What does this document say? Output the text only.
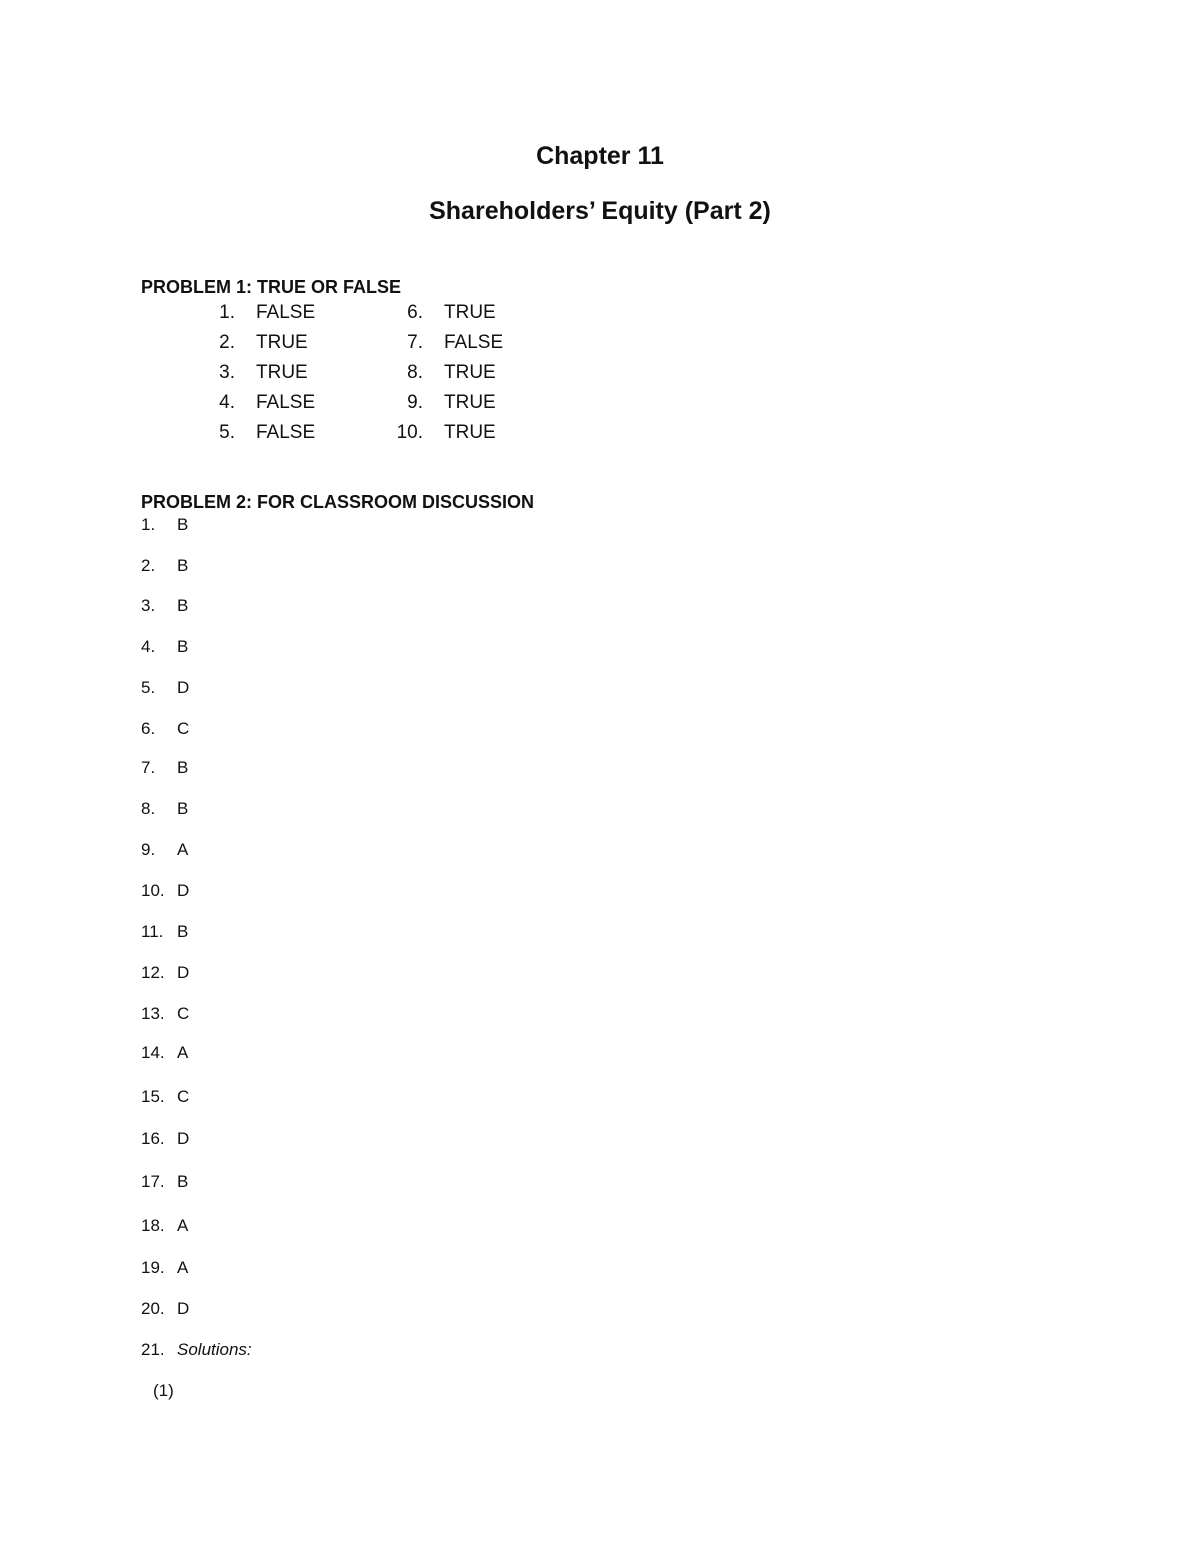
Chapter 11
Shareholders’ Equity (Part 2)
PROBLEM 1: TRUE OR FALSE
1. FALSE	6. TRUE
2. TRUE	7. FALSE
3. TRUE	8. TRUE
4. FALSE	9. TRUE
5. FALSE	10. TRUE
PROBLEM 2: FOR CLASSROOM DISCUSSION
1. B
2. B
3. B
4. B
5. D
6. C
7. B
8. B
9. A
10. D
11. B
12. D
13. C
14. A
15. C
16. D
17. B
18. A
19. A
20. D
21. Solutions:
(1)
